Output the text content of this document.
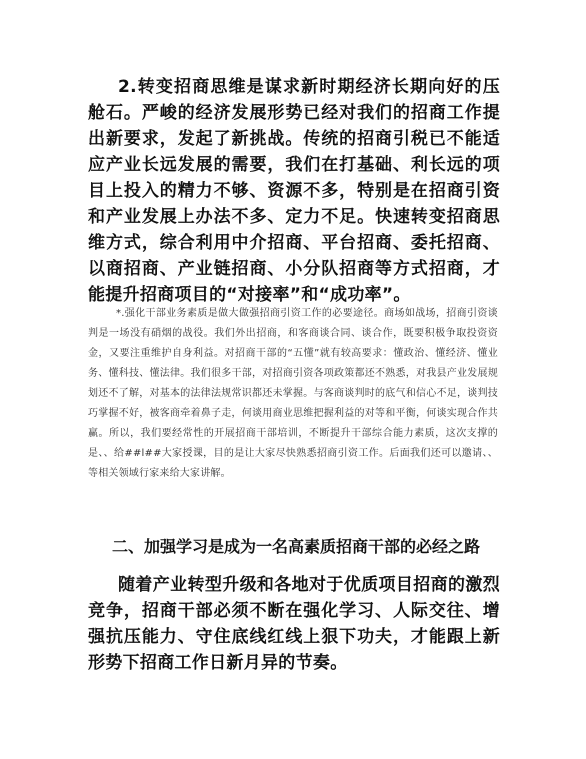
2.转变招商思维是谋求新时期经济长期向好的压舱石。严峻的经济发展形势已经对我们的招商工作提出新要求，发起了新挑战。传统的招商引税已不能适应产业长远发展的需要，我们在打基础、利长远的项目上投入的精力不够、资源不多，特别是在招商引资和产业发展上办法不多、定力不足。快速转变招商思维方式，综合利用中介招商、平台招商、委托招商、以商招商、产业链招商、小分队招商等方式招商，才能提升招商项目的“对接率”和“成功率”。
*.强化干部业务素质是做大做强招商引资工作的必要途径。商场如战场，招商引资谈判是一场没有硝烟的战役。我们外出招商，和客商谈合同、谈合作，既要积极争取投资资金，又要注重维护自身利益。对招商干部的“五懂”就有较高要求：懂政治、懂经济、懂业务、懂科技、懂法律。我们很多干部，对招商引资各项政策都还不熟悉，对我县产业发展规划还不了解，对基本的法律法规常识都还未掌握。与客商谈判时的底气和信心不足，谈判技巧掌握不好，被客商牵着鼻子走，何谈用商业思维把握利益的对等和平衡，何谈实现合作共赢。所以，我们要经常性的开展招商干部培训，不断提升干部综合能力素质，这次支撑的是、、给##l##大家授课，目的是让大家尽快熟悉招商引资工作。后面我们还可以邀请、、等相关领域行家来给大家讲解。
二、加强学习是成为一名高素质招商干部的必经之路
随着产业转型升级和各地对于优质项目招商的激烈竞争，招商干部必须不断在强化学习、人际交往、增强抗压能力、守住底线红线上狠下功夫，才能跟上新形势下招商工作日新月异的节奏。
